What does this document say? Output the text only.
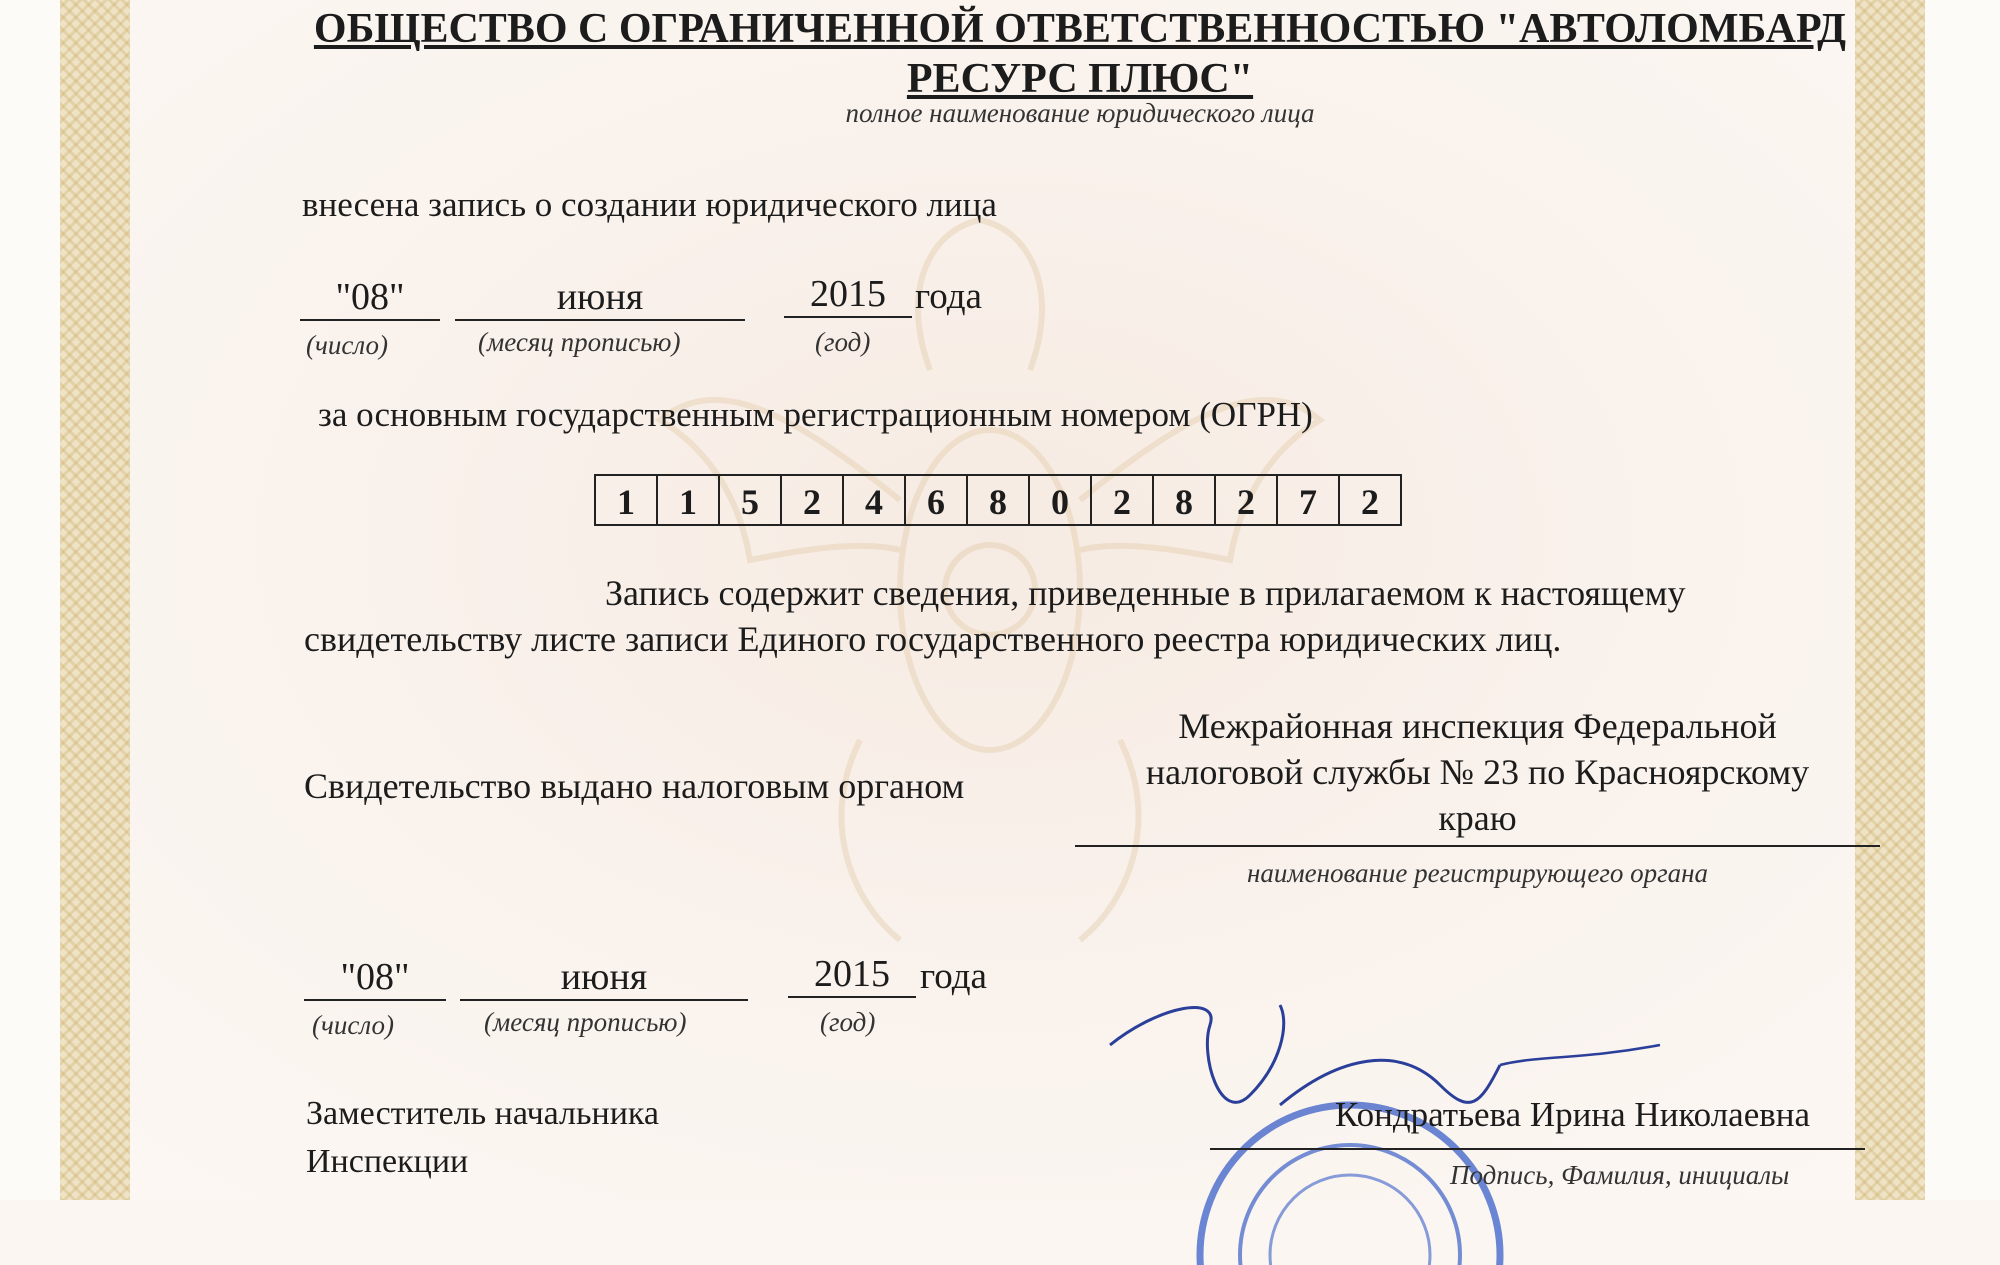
ОБЩЕСТВО С ОГРАНИЧЕННОЙ ОТВЕТСТВЕННОСТЬЮ "АВТОЛОМБАРД РЕСУРС ПЛЮС"
полное наименование юридического лица
внесена запись о создании юридического лица
"08"	июня	2015 года
(число)	(месяц прописью)	(год)
за основным государственным регистрационным номером (ОГРН)
1	1	5	2	4	6	8	0	2	8	2	7	2
Запись содержит сведения, приведенные в прилагаемом к настоящему
свидетельству листе записи Единого государственного реестра юридических лиц.
Свидетельство выдано налоговым органом
Межрайонная инспекция Федеральной
налоговой службы № 23 по Красноярскому
краю
наименование регистрирующего органа
"08"	июня	2015 года
(число)	(месяц прописью)	(год)
Заместитель начальника
Инспекции
Кондратьева Ирина Николаевна
Подпись, Фамилия, инициалы
